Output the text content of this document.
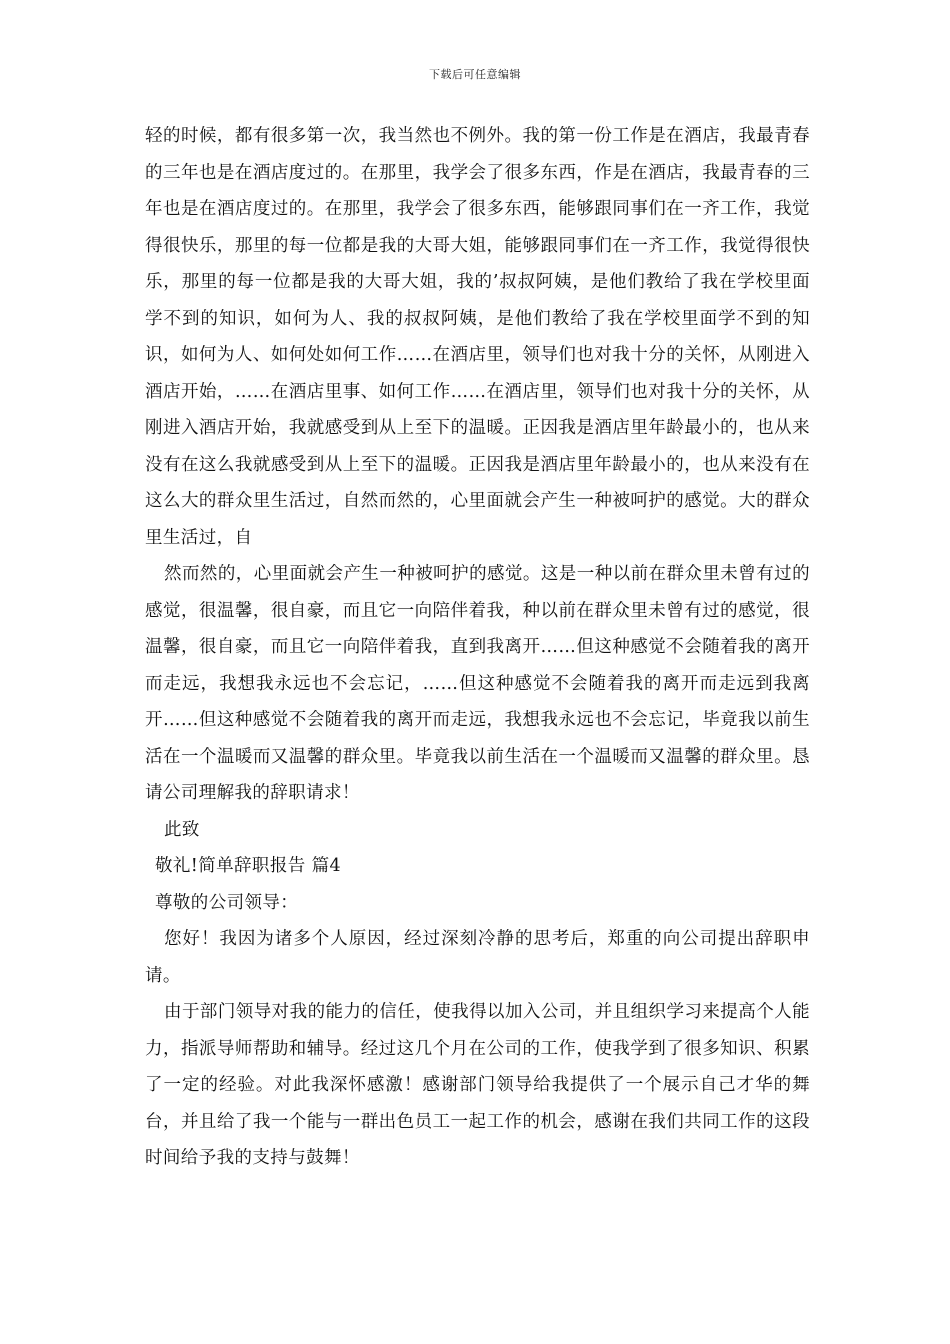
下载后可任意编辑

轻的时候，都有很多第一次，我当然也不例外。我的第一份工作是在酒店，我最青春的三年也是在酒店度过的。在那里，我学会了很多东西，作是在酒店，我最青春的三年也是在酒店度过的。在那里，我学会了很多东西，能够跟同事们在一齐工作，我觉得很快乐，那里的每一位都是我的大哥大姐，能够跟同事们在一齐工作，我觉得很快乐，那里的每一位都是我的大哥大姐，我的’叔叔阿姨，是他们教给了我在学校里面学不到的知识，如何为人、我的叔叔阿姨，是他们教给了我在学校里面学不到的知识，如何为人、如何处如何工作……在酒店里，领导们也对我十分的关怀，从刚进入酒店开始，……在酒店里事、如何工作……在酒店里，领导们也对我十分的关怀，从刚进入酒店开始，我就感受到从上至下的温暖。正因我是酒店里年龄最小的，也从来没有在这么我就感受到从上至下的温暖。正因我是酒店里年龄最小的，也从来没有在这么大的群众里生活过，自然而然的，心里面就会产生一种被呵护的感觉。大的群众里生活过，自

然而然的，心里面就会产生一种被呵护的感觉。这是一种以前在群众里未曾有过的感觉，很温馨，很自豪，而且它一向陪伴着我，种以前在群众里未曾有过的感觉，很温馨，很自豪，而且它一向陪伴着我，直到我离开……但这种感觉不会随着我的离开而走远，我想我永远也不会忘记，……但这种感觉不会随着我的离开而走远到我离开……但这种感觉不会随着我的离开而走远，我想我永远也不会忘记，毕竟我以前生活在一个温暖而又温馨的群众里。毕竟我以前生活在一个温暖而又温馨的群众里。恳请公司理解我的辞职请求！

此致

敬礼!简单辞职报告 篇4

尊敬的公司领导：

您好！我因为诸多个人原因，经过深刻冷静的思考后，郑重的向公司提出辞职申请。

由于部门领导对我的能力的信任，使我得以加入公司，并且组织学习来提高个人能力，指派导师帮助和辅导。经过这几个月在公司的工作，使我学到了很多知识、积累了一定的经验。对此我深怀感激！感谢部门领导给我提供了一个展示自己才华的舞台，并且给了我一个能与一群出色员工一起工作的机会，感谢在我们共同工作的这段时间给予我的支持与鼓舞！
